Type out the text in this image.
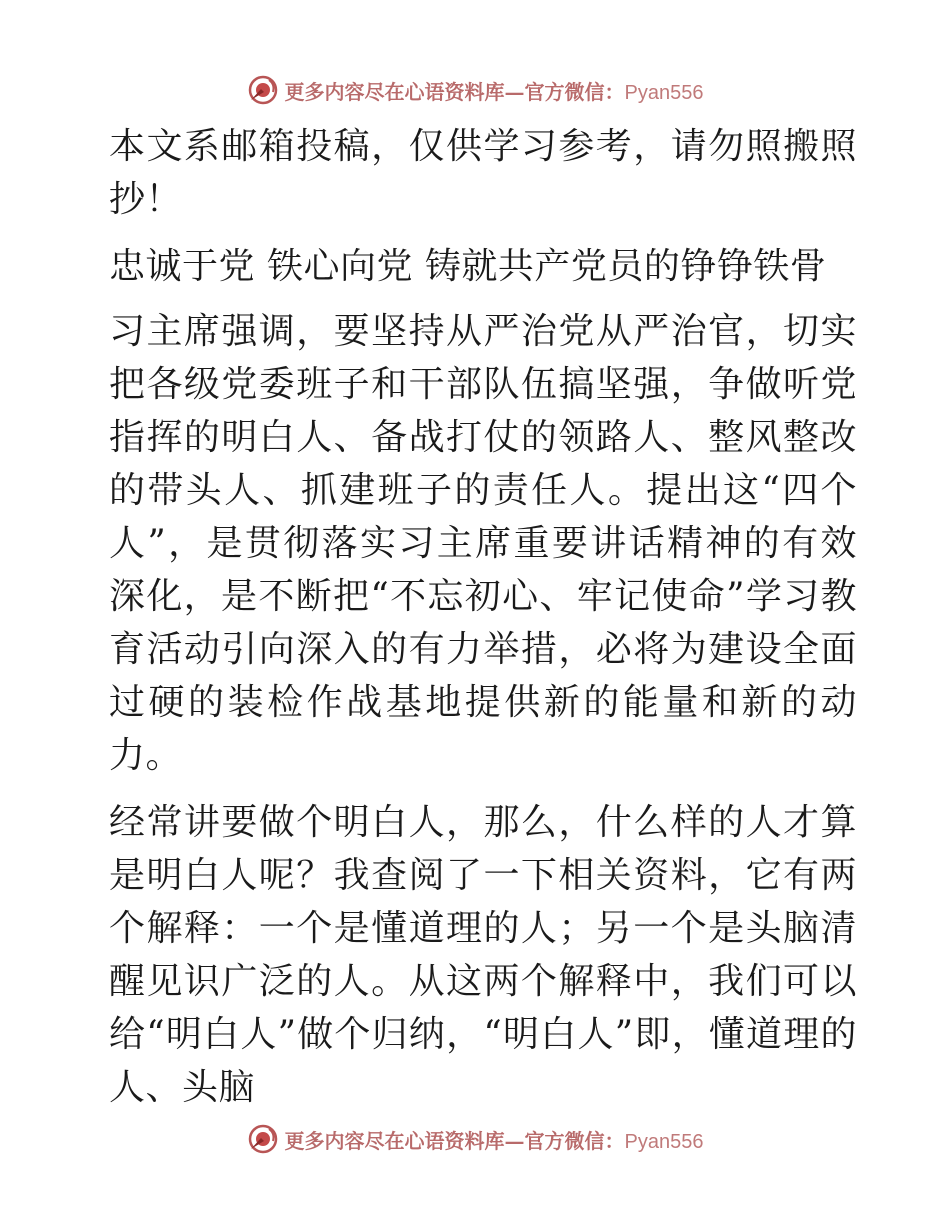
更多内容尽在心语资料库—官方微信：Pyan556

本文系邮箱投稿，仅供学习参考，请勿照搬照抄！

忠诚于党 铁心向党 铸就共产党员的铮铮铁骨

习主席强调，要坚持从严治党从严治官，切实把各级党委班子和干部队伍搞坚强，争做听党指挥的明白人、备战打仗的领路人、整风整改的带头人、抓建班子的责任人。提出这“四个人”，是贯彻落实习主席重要讲话精神的有效深化，是不断把“不忘初心、牢记使命”学习教育活动引向深入的有力举措，必将为建设全面过硬的装检作战基地提供新的能量和新的动力。

经常讲要做个明白人，那么，什么样的人才算是明白人呢？我查阅了一下相关资料，它有两个解释：一个是懂道理的人；另一个是头脑清醒见识广泛的人。从这两个解释中，我们可以给“明白人”做个归纳，“明白人”即，懂道理的人、头脑

更多内容尽在心语资料库—官方微信：Pyan556
